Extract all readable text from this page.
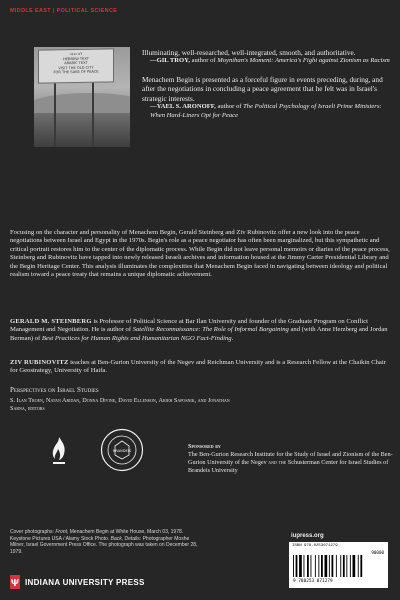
MIDDLE EAST | POLITICAL SCIENCE
לא נבנה
HEBREW TEXT
ARABIC TEXT
VISIT THE OLD CITY
FOR THE SAKE OF PEACE
Illuminating, well-researched, well-integrated, smooth, and authoritative.
—GIL TROY, author of Moynihan's Moment: America's Fight against Zionism as Racism
Menachem Begin is presented as a forceful figure in events preceding, during, and after the negotiations in concluding a peace agreement that he felt was in Israel's strategic interests.
—YAEL S. ARONOFF, author of The Political Psychology of Israeli Prime Ministers: When Hard-Liners Opt for Peace

Focusing on the character and personality of Menachem Begin, Gerald Steinberg and Ziv Rubinovitz offer a new look into the peace negotiations between Israel and Egypt in the 1970s. Begin's role as a peace negotiator has often been marginalized, but this sympathetic and critical portrait restores him to the center of the diplomatic process. While Begin did not leave personal memoirs or diaries of the peace process, Steinberg and Rubinovitz have tapped into newly released Israeli archives and information housed at the Jimmy Carter Presidential Library and the Begin Heritage Center. This analysis illuminates the complexities that Menachem Begin faced in navigating between ideology and political realism toward a peace treaty that remains a unique diplomatic achievement.

GERALD M. STEINBERG is Professor of Political Science at Bar Ilan University and founder of the Graduate Program on Conflict Management and Negotiation. He is author of Satellite Reconnaissance: The Role of Informal Bargaining and (with Anne Herzberg and Jordan Berman) of Best Practices for Human Rights and Humanitarian NGO Fact-Finding.

ZIV RUBINOVITZ teaches at Ben-Gurion University of the Negev and Reichman University and is a Research Fellow at the Chaikin Chair for Geostrategy, University of Haifa.

Perspectives on Israel Studies
S. Ilan Troen, Natan Aridan, Donna Divine, David Ellenson, Arieh Saposnik, and Jonathan Sarna, editors
BRANDEIS
Sponsored by
The Ben-Gurion Research Institute for the Study of Israel and Zionism of the Ben-Gurion University of the Negev and the Schusterman Center for Israel Studies of Brandeis University
Cover photographs: Front, Menachem Begin at White House, March 03, 1978. Keystone Pictures USA / Alamy Stock Photo. Back, Details: Photographer Moshe Milner, Israel Government Press Office. The photograph was taken on December 28, 1979.
iupress.org
ISBN 978-0253071279
90000
9 780253 071279
ψ INDIANA UNIVERSITY PRESS
